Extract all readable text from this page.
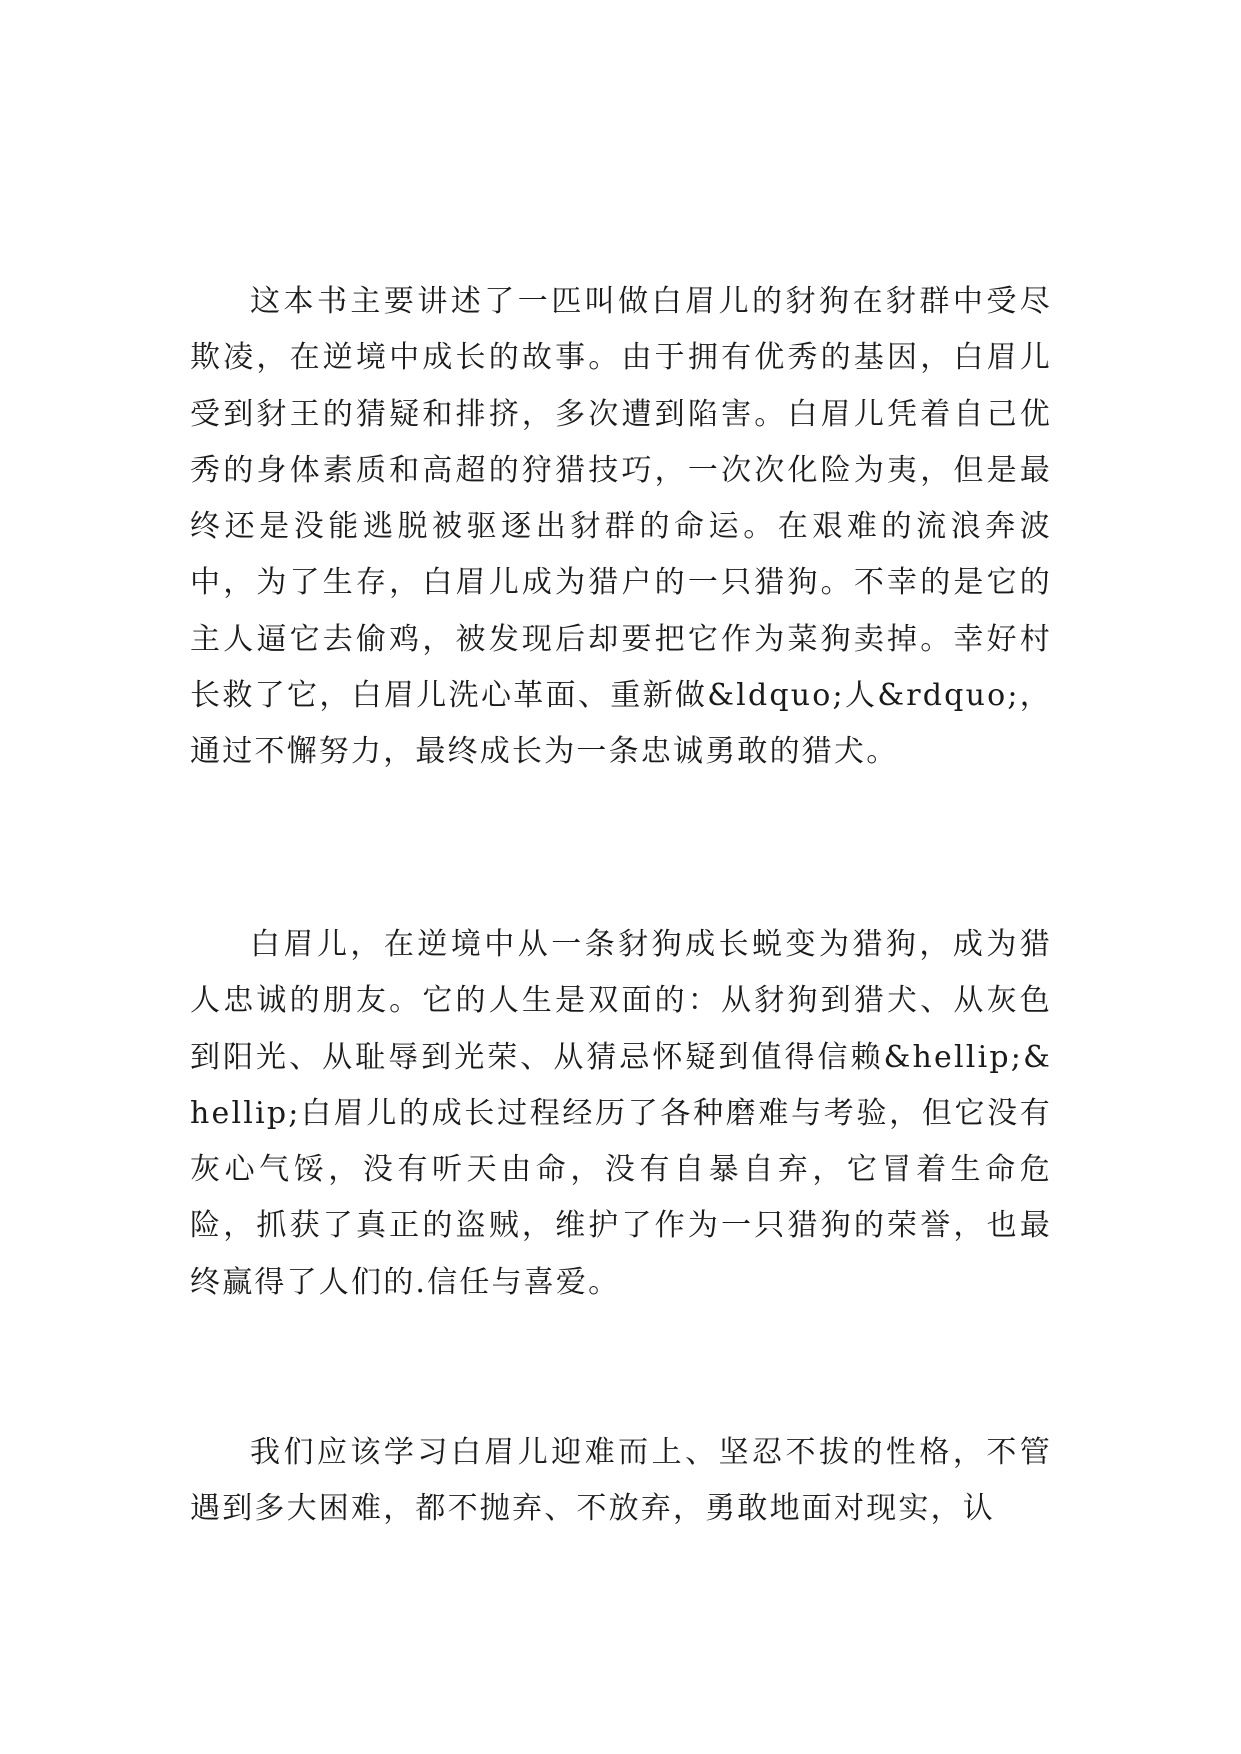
这本书主要讲述了一匹叫做白眉儿的豺狗在豺群中受尽欺凌，在逆境中成长的故事。由于拥有优秀的基因，白眉儿受到豺王的猜疑和排挤，多次遭到陷害。白眉儿凭着自己优秀的身体素质和高超的狩猎技巧，一次次化险为夷，但是最终还是没能逃脱被驱逐出豺群的命运。在艰难的流浪奔波中，为了生存，白眉儿成为猎户的一只猎狗。不幸的是它的主人逼它去偷鸡，被发现后却要把它作为菜狗卖掉。幸好村长救了它，白眉儿洗心革面、重新做&ldquo;人&rdquo;，通过不懈努力，最终成长为一条忠诚勇敢的猎犬。

白眉儿，在逆境中从一条豺狗成长蜕变为猎狗，成为猎人忠诚的朋友。它的人生是双面的：从豺狗到猎犬、从灰色到阳光、从耻辱到光荣、从猜忌怀疑到值得信赖&hellip;&hellip;白眉儿的成长过程经历了各种磨难与考验，但它没有灰心气馁，没有听天由命，没有自暴自弃，它冒着生命危险，抓获了真正的盗贼，维护了作为一只猎狗的荣誉，也最终赢得了人们的.信任与喜爱。

我们应该学习白眉儿迎难而上、坚忍不拔的性格，不管遇到多大困难，都不抛弃、不放弃，勇敢地面对现实，认
